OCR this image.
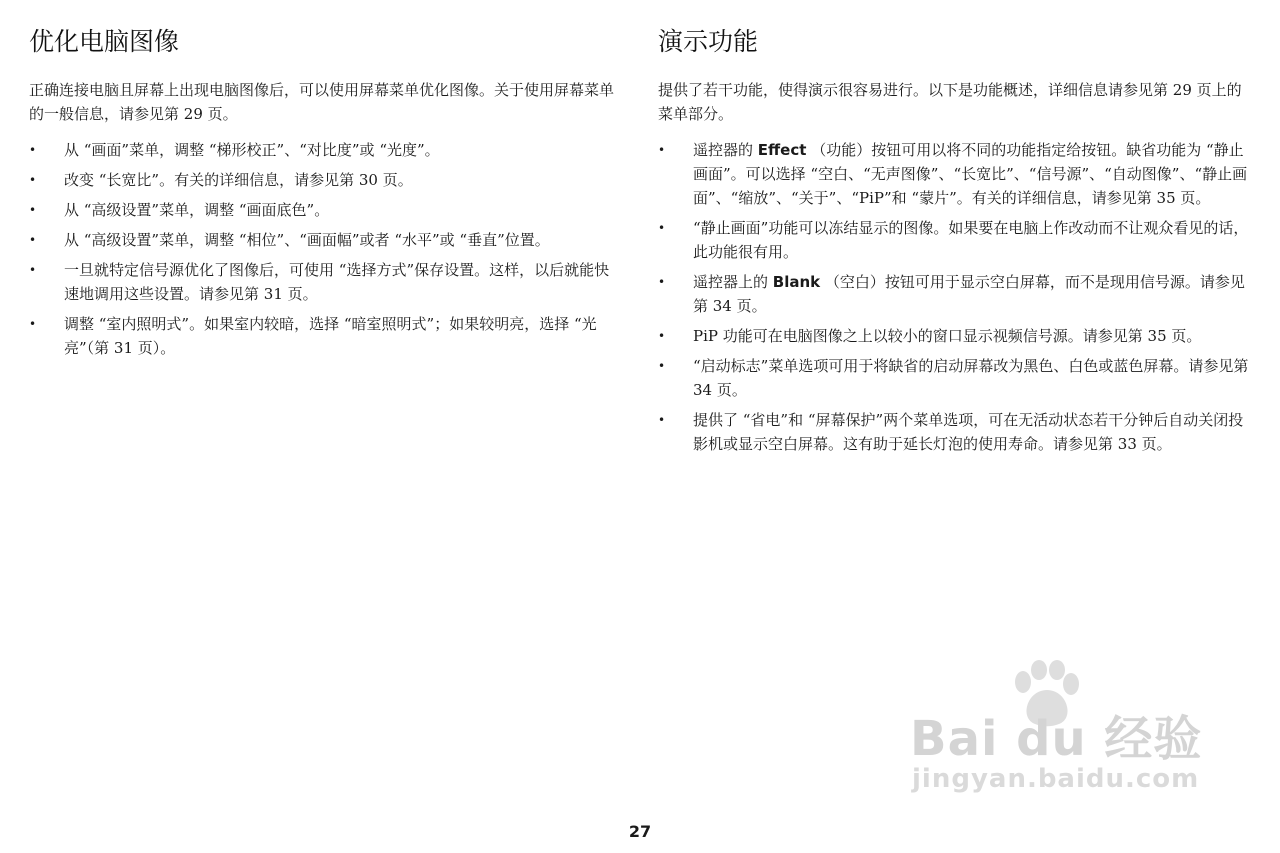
优化电脑图像

正确连接电脑且屏幕上出现电脑图像后，可以使用屏幕菜单优化图像。关于使用屏幕菜单的一般信息，请参见第 29 页。

• 从 “画面”菜单，调整 “梯形校正”、“对比度”或 “光度”。
• 改变 “长宽比”。有关的详细信息，请参见第 30 页。
• 从 “高级设置”菜单，调整 “画面底色”。
• 从 “高级设置”菜单，调整 “相位”、“画面幅”或者 “水平”或 “垂直”位置。
• 一旦就特定信号源优化了图像后，可使用 “选择方式”保存设置。这样，以后就能快速地调用这些设置。请参见第 31 页。
• 调整 “室内照明式”。如果室内较暗，选择 “暗室照明式”；如果较明亮，选择 “光亮”（第 31 页）。
演示功能

提供了若干功能，使得演示很容易进行。以下是功能概述，详细信息请参见第 29 页上的菜单部分。

• 遥控器的 Effect （功能）按钮可用以将不同的功能指定给按钮。缺省功能为 “静止画面”。可以选择 “空白、“无声图像”、“长宽比”、“信号源”、“自动图像”、“静止画面”、“缩放”、“关于”、“PiP”和 “蒙片”。有关的详细信息，请参见第 35 页。
• “静止画面”功能可以冻结显示的图像。如果要在电脑上作改动而不让观众看见的话，此功能很有用。
• 遥控器上的 Blank （空白）按钮可用于显示空白屏幕，而不是现用信号源。请参见第 34 页。
• PiP 功能可在电脑图像之上以较小的窗口显示视频信号源。请参见第 35 页。
• “启动标志”菜单选项可用于将缺省的启动屏幕改为黑色、白色或蓝色屏幕。请参见第 34 页。
• 提供了 “省电”和 “屏幕保护”两个菜单选项，可在无活动状态若干分钟后自动关闭投影机或显示空白屏幕。这有助于延长灯泡的使用寿命。请参见第 33 页。
Bai du 经验
jingyan.baidu.com
27
